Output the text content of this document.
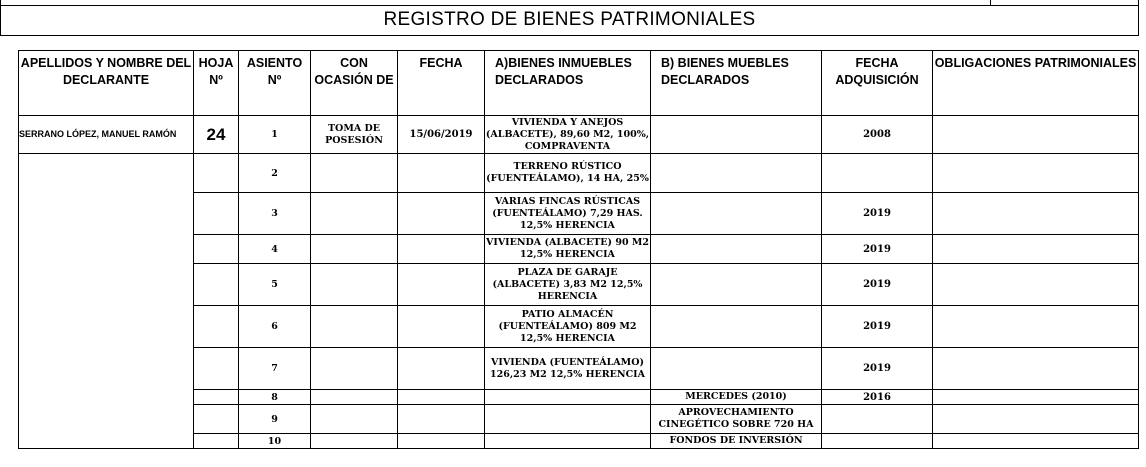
REGISTRO DE BIENES PATRIMONIALES
APELLIDOS Y NOMBRE DEL DECLARANTE	HOJA Nº	ASIENTO Nº	CON OCASIÓN DE	FECHA	A)BIENES INMUEBLES DECLARADOS	B) BIENES MUEBLES DECLARADOS	FECHA ADQUISICIÓN	OBLIGACIONES PATRIMONIALES
SERRANO LÓPEZ, MANUEL RAMÓN	24	1	TOMA DE POSESIÓN	15/06/2019	VIVIENDA Y ANEJOS (ALBACETE), 89,60 M2, 100%, COMPRAVENTA		2008	
		2			TERRENO RÚSTICO (FUENTEÁLAMO), 14 HA, 25%			
		3			VARIAS FINCAS RÚSTICAS (FUENTEÁLAMO) 7,29 HAS. 12,5% HERENCIA		2019	
		4			VIVIENDA (ALBACETE) 90 M2 12,5% HERENCIA		2019	
		5			PLAZA DE GARAJE (ALBACETE) 3,83 M2 12,5% HERENCIA		2019	
		6			PATIO ALMACÉN (FUENTEÁLAMO) 809 M2 12,5% HERENCIA		2019	
		7			VIVIENDA (FUENTEÁLAMO) 126,23 M2 12,5% HERENCIA		2019	
		8				MERCEDES (2010)	2016	
		9				APROVECHAMIENTO CINEGÉTICO SOBRE 720 HA		
		10				FONDOS DE INVERSIÓN		
